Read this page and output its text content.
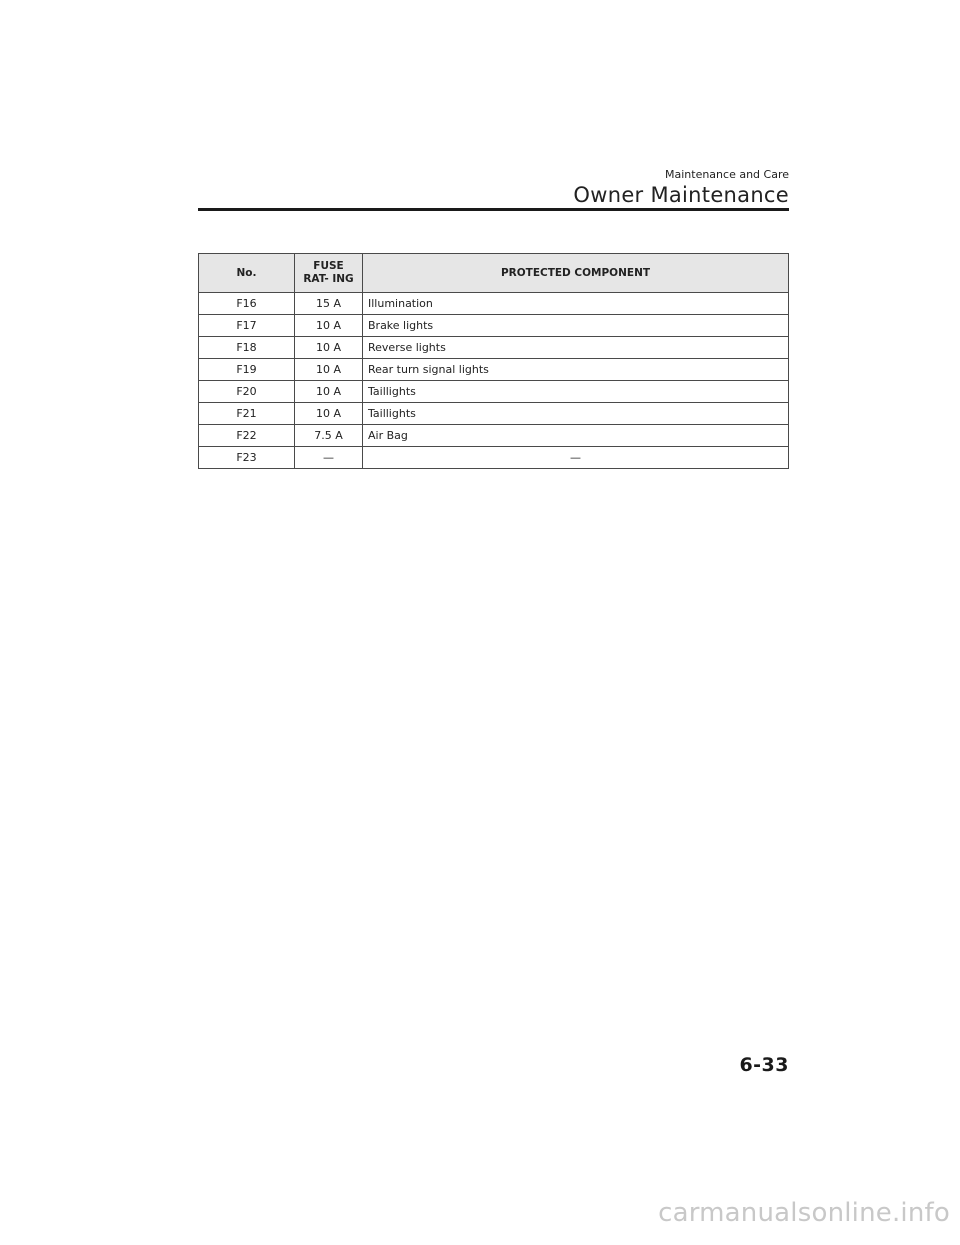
Maintenance and Care
Owner Maintenance
No.	FUSE RAT- ING	PROTECTED COMPONENT
F16	15 A	Illumination
F17	10 A	Brake lights
F18	10 A	Reverse lights
F19	10 A	Rear turn signal lights
F20	10 A	Taillights
F21	10 A	Taillights
F22	7.5 A	Air Bag
F23	—	—
6-33
carmanualsonline.info
